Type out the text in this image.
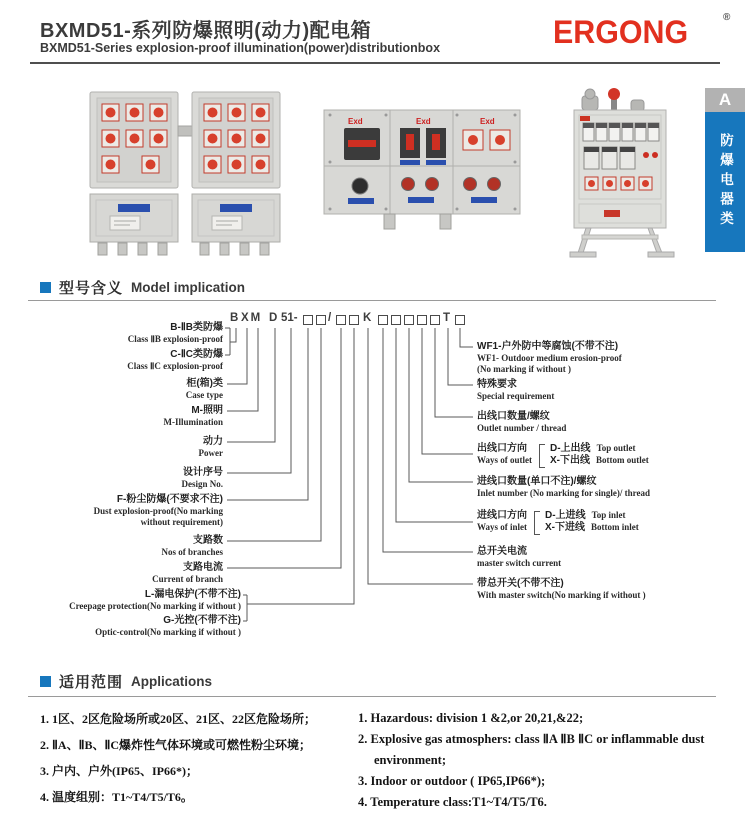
BXMD51-系列防爆照明(动力)配电箱
BXMD51-Series explosion-proof illumination(power)distributionbox	ERGONG	®
A
防爆电器类
Exd	Exd	Exd
型号含义 Model implication
B XM D 51-	/	K	T
B-ⅡB类防爆
Class ⅡB explosion-proof
C-ⅡC类防爆
Class ⅡC explosion-proof
柜(箱)类
Case type
M-照明
M-Illumination
动力
Power
设计序号
Design No.
F-粉尘防爆(不要求不注)
Dust explosion-proof(No marking
without requirement)
支路数
Nos of branches
支路电流
Current of branch
L-漏电保护(不带不注)
Creepage protection(No marking if without )
G-光控(不带不注)
Optic-control(No marking if without )
WF1-户外防中等腐蚀(不带不注)
WF1- Outdoor medium erosion-proof
(No marking if without )
特殊要求
Special requirement
出线口数量/螺纹
Outlet number / thread
出线口方向
Ways of outlet
D-上出线 Top outlet
X-下出线 Bottom outlet
进线口数量(单口不注)/螺纹
Inlet number (No marking for single)/ thread
进线口方向
Ways of inlet
D-上进线 Top inlet
X-下进线 Bottom inlet
总开关电流
master switch current
带总开关(不带不注)
With master switch(No marking if without )
适用范围 Applications
1. 1区、2区危险场所或20区、21区、22区危险场所；
2. ⅡA、ⅡB、ⅡC爆炸性气体环境或可燃性粉尘环境；
3. 户内、户外(IP65、IP66*)；
4. 温度组别：T1~T4/T5/T6。
1. Hazardous: division 1 &2,or 20,21,&22;
2. Explosive gas atmosphers: class ⅡA ⅡB ⅡC or inflammable dust environment;
3. Indoor or outdoor ( IP65,IP66*);
4. Temperature class:T1~T4/T5/T6.
